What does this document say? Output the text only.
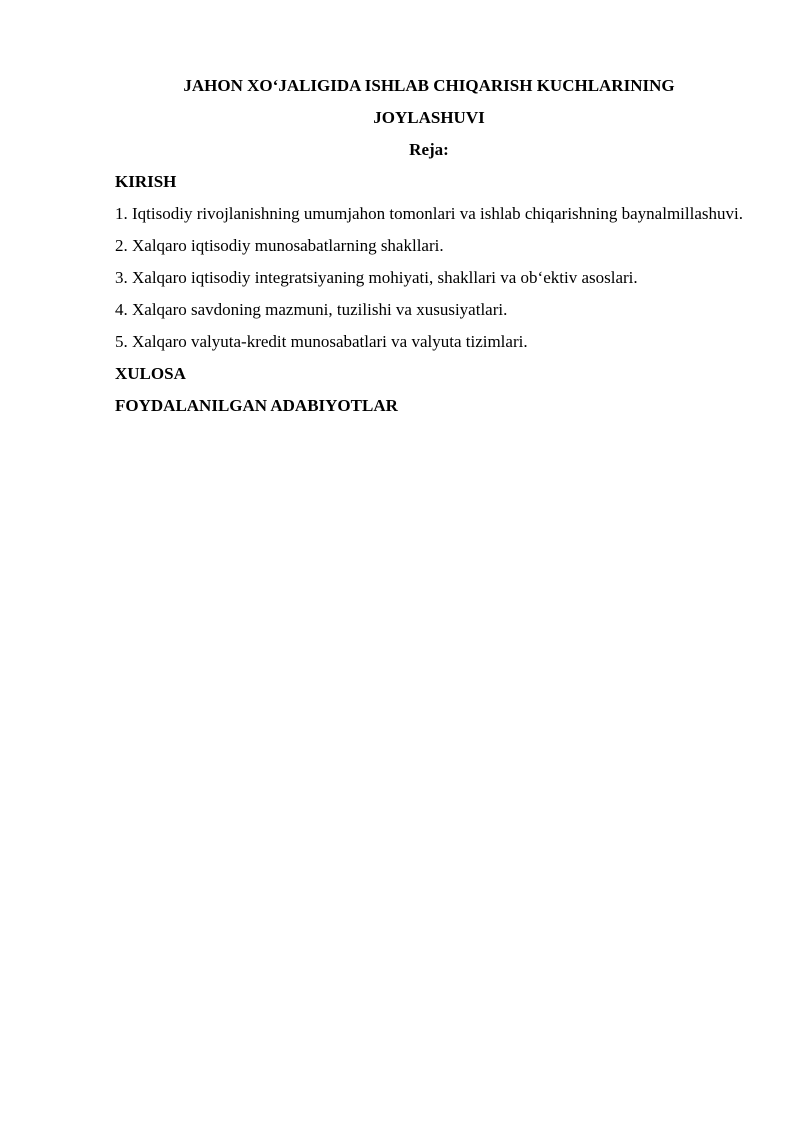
JAHON XO‘JALIGIDA ISHLAB CHIQARISH KUCHLARINING

JOYLASHUVI

Reja:

KIRISH

1. Iqtisodiy rivojlanishning umumjahon tomonlari va ishlab chiqarishning baynalmillashuvi.

2. Xalqaro iqtisodiy munosabatlarning shakllari.

3. Xalqaro iqtisodiy integratsiyaning mohiyati, shakllari va ob‘ektiv asoslari.

4. Xalqaro savdoning mazmuni, tuzilishi va xususiyatlari.

5. Xalqaro valyuta-kredit munosabatlari va valyuta tizimlari.

XULOSA

FOYDALANILGAN ADABIYOTLAR
